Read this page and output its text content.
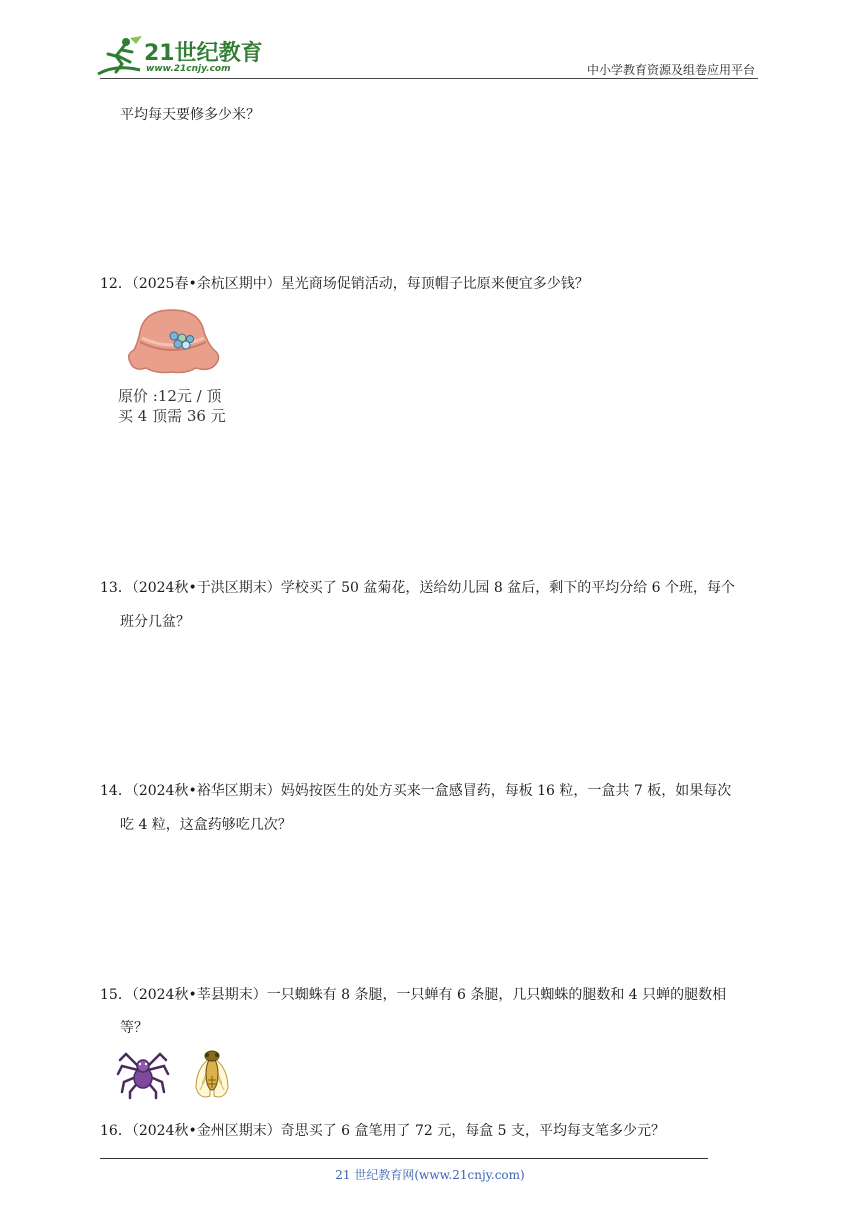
21世纪教育
www.21cnjy.com	中小学教育资源及组卷应用平台
平均每天要修多少米？
12．（2025春•余杭区期中）星光商场促销活动，每顶帽子比原来便宜多少钱？
原价 :12元 / 顶
买 4 顶需 36 元
13．（2024秋•于洪区期末）学校买了 50 盆菊花，送给幼儿园 8 盆后，剩下的平均分给 6 个班，每个
班分几盆？
14．（2024秋•裕华区期末）妈妈按医生的处方买来一盒感冒药，每板 16 粒，一盒共 7 板，如果每次
吃 4 粒，这盒药够吃几次？
15．（2024秋•莘县期末）一只蜘蛛有 8 条腿，一只蝉有 6 条腿，几只蜘蛛的腿数和 4 只蝉的腿数相
等？
16．（2024秋•金州区期末）奇思买了 6 盒笔用了 72 元，每盒 5 支，平均每支笔多少元？
21 世纪教育网(www.21cnjy.com)
